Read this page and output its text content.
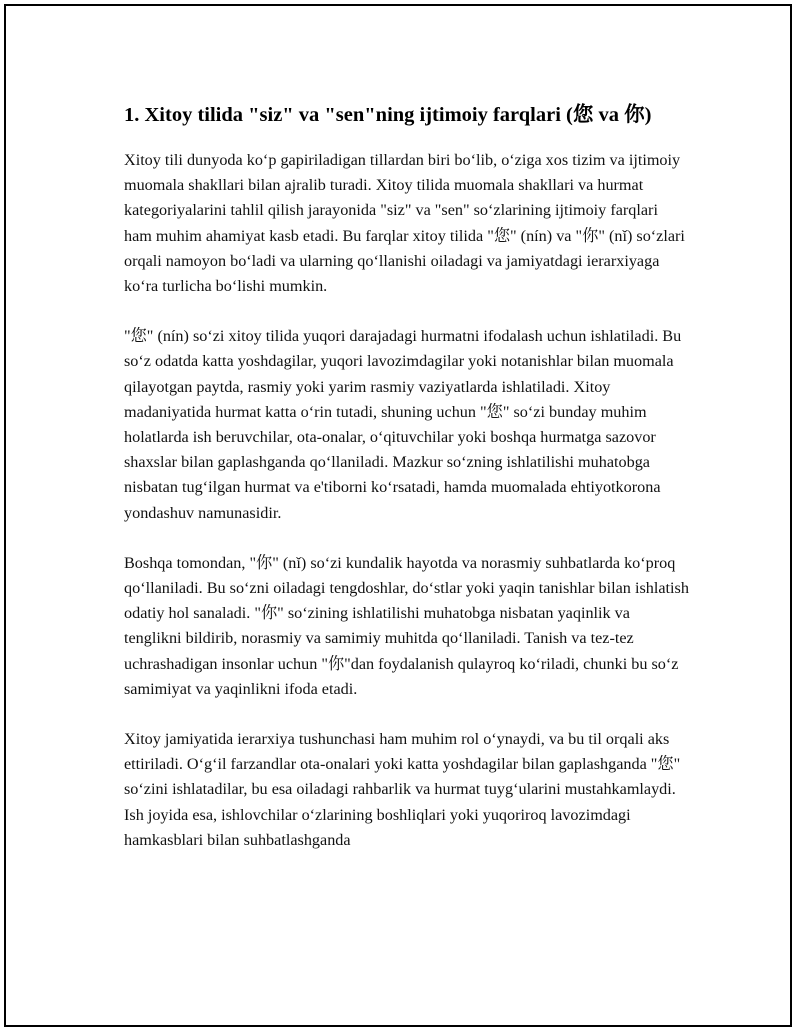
1. Xitoy tilida "siz" va "sen"ning ijtimoiy farqlari (您 va 你)

Xitoy tili dunyoda koʻp gapiriladigan tillardan biri boʻlib, oʻziga xos tizim va ijtimoiy muomala shakllari bilan ajralib turadi. Xitoy tilida muomala shakllari va hurmat kategoriyalarini tahlil qilish jarayonida "siz" va "sen" soʻzlarining ijtimoiy farqlari ham muhim ahamiyat kasb etadi. Bu farqlar xitoy tilida "您" (nín) va "你" (nǐ) soʻzlari orqali namoyon boʻladi va ularning qoʻllanishi oiladagi va jamiyatdagi ierarxiyaga koʻra turlicha boʻlishi mumkin.

"您" (nín) soʻzi xitoy tilida yuqori darajadagi hurmatni ifodalash uchun ishlatiladi. Bu soʻz odatda katta yoshdagilar, yuqori lavozimdagilar yoki notanishlar bilan muomala qilayotgan paytda, rasmiy yoki yarim rasmiy vaziyatlarda ishlatiladi. Xitoy madaniyatida hurmat katta oʻrin tutadi, shuning uchun "您" soʻzi bunday muhim holatlarda ish beruvchilar, ota-onalar, oʻqituvchilar yoki boshqa hurmatga sazovor shaxslar bilan gaplashganda qoʻllaniladi. Mazkur soʻzning ishlatilishi muhatobga nisbatan tugʻilgan hurmat va e'tiborni koʻrsatadi, hamda muomalada ehtiyotkorona yondashuv namunasidir.

Boshqa tomondan, "你" (nǐ) soʻzi kundalik hayotda va norasmiy suhbatlarda koʻproq qoʻllaniladi. Bu soʻzni oiladagi tengdoshlar, doʻstlar yoki yaqin tanishlar bilan ishlatish odatiy hol sanaladi. "你" soʻzining ishlatilishi muhatobga nisbatan yaqinlik va tenglikni bildirib, norasmiy va samimiy muhitda qoʻllaniladi. Tanish va tez-tez uchrashadigan insonlar uchun "你"dan foydalanish qulayroq koʻriladi, chunki bu soʻz samimiyat va yaqinlikni ifoda etadi.

Xitoy jamiyatida ierarxiya tushunchasi ham muhim rol oʻynaydi, va bu til orqali aks ettiriladi. Oʻgʻil farzandlar ota-onalari yoki katta yoshdagilar bilan gaplashganda "您" soʻzini ishlatadilar, bu esa oiladagi rahbarlik va hurmat tuygʻularini mustahkamlaydi. Ish joyida esa, ishlovchilar oʻzlarining boshliqlari yoki yuqoriroq lavozimdagi hamkasblari bilan suhbatlashganda
